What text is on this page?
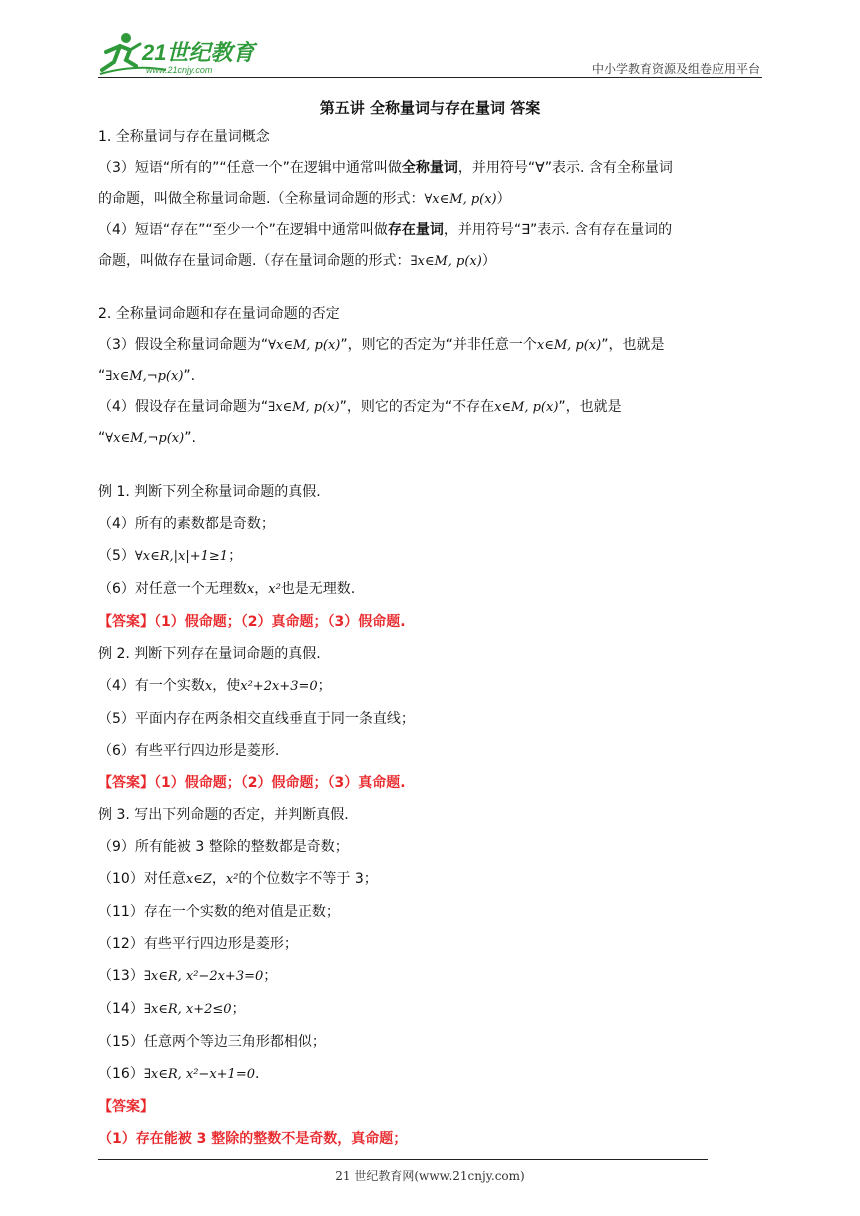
21世纪教育
www.21cnjy.com	中小学教育资源及组卷应用平台

第五讲 全称量词与存在量词 答案

1. 全称量词与存在量词概念

（3）短语“所有的”“任意一个”在逻辑中通常叫做全称量词，并用符号“∀”表示. 含有全称量词
的命题，叫做全称量词命题.（全称量词命题的形式：∀x∈M, p(x)）

（4）短语“存在”“至少一个”在逻辑中通常叫做存在量词，并用符号“∃”表示. 含有存在量词的
命题，叫做存在量词命题.（存在量词命题的形式：∃x∈M, p(x)）

2. 全称量词命题和存在量词命题的否定

（3）假设全称量词命题为“∀x∈M, p(x)”，则它的否定为“并非任意一个x∈M, p(x)”，也就是
“∃x∈M,¬p(x)”.

（4）假设存在量词命题为“∃x∈M, p(x)”，则它的否定为“不存在x∈M, p(x)”，也就是
“∀x∈M,¬p(x)”.

例 1. 判断下列全称量词命题的真假.

（4）所有的素数都是奇数；

（5）∀x∈R,|x|+1≥1；

（6）对任意一个无理数x，x²也是无理数.

【答案】（1）假命题；（2）真命题；（3）假命题.

例 2. 判断下列存在量词命题的真假.

（4）有一个实数x，使x²+2x+3=0；

（5）平面内存在两条相交直线垂直于同一条直线；

（6）有些平行四边形是菱形.

【答案】（1）假命题；（2）假命题；（3）真命题.

例 3. 写出下列命题的否定，并判断真假.

（9）所有能被 3 整除的整数都是奇数；

（10）对任意x∈Z，x²的个位数字不等于 3；

（11）存在一个实数的绝对值是正数；

（12）有些平行四边形是菱形；

（13）∃x∈R, x²−2x+3=0；

（14）∃x∈R, x+2≤0；

（15）任意两个等边三角形都相似；

（16）∃x∈R, x²−x+1=0.

【答案】

（1）存在能被 3 整除的整数不是奇数，真命题；

21 世纪教育网(www.21cnjy.com)
